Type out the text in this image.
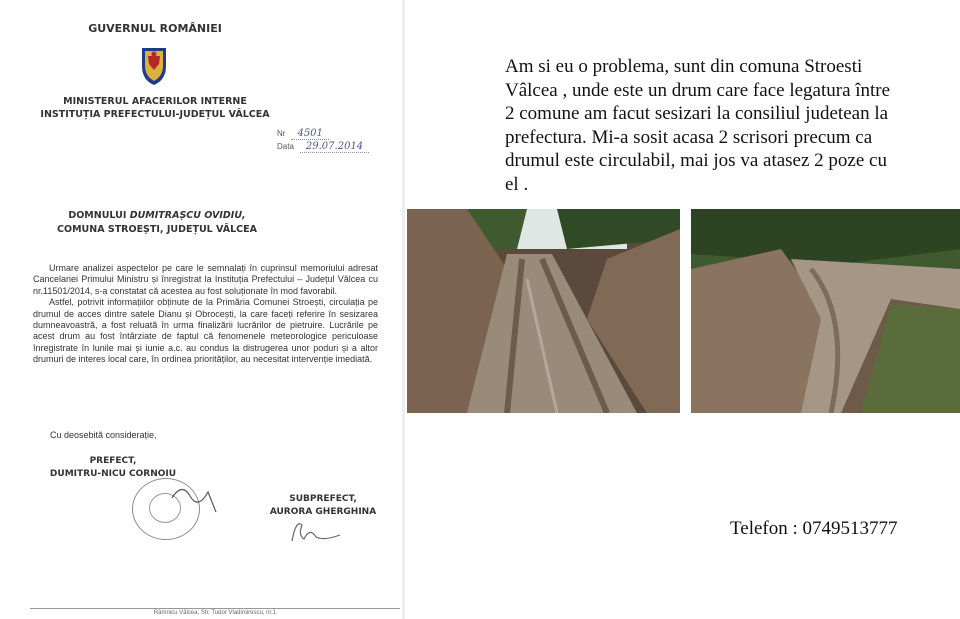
GUVERNUL ROMÂNIEI
MINISTERUL AFACERILOR INTERNE
INSTITUȚIA PREFECTULUI-JUDEȚUL VÂLCEA
Nr 4501
Data 29.07.2014
DOMNULUI DUMITRAȘCU OVIDIU,
COMUNA STROEȘTI, JUDEȚUL VÂLCEA

Urmare analizei aspectelor pe care le semnalați în cuprinsul memoriului adresat Cancelariei Primului Ministru și înregistrat la Instituția Prefectului – Județul Vâlcea cu nr.11501/2014, s-a constatat că acestea au fost soluționate în mod favorabil.

Astfel, potrivit informațiilor obținute de la Primăria Comunei Stroești, circulația pe drumul de acces dintre satele Dianu și Obrocești, la care faceți referire în sesizarea dumneavoastră, a fost reluată în urma finalizării lucrărilor de pietruire. Lucrările pe acest drum au fost întârziate de faptul că fenomenele meteorologice periculoase înregistrate în lunile mai și iunie a.c. au condus la distrugerea unor poduri și a altor drumuri de interes local care, în ordinea priorităților, au necesitat intervenție imediată.

Cu deosebită considerație,
PREFECT,
DUMITRU-NICU CORNOIU
SUBPREFECT,
AURORA GHERGHINA
Râmnicu Vâlcea, Str. Tudor Vladimirescu, nr.1
Am si eu o problema, sunt din comuna Stroesti Vâlcea , unde este un drum care face legatura între 2 comune am facut sesizari la consiliul judetean la prefectura. Mi-a sosit acasa 2 scrisori precum ca drumul este circulabil, mai jos va atasez 2 poze cu el .
Telefon : 0749513777
